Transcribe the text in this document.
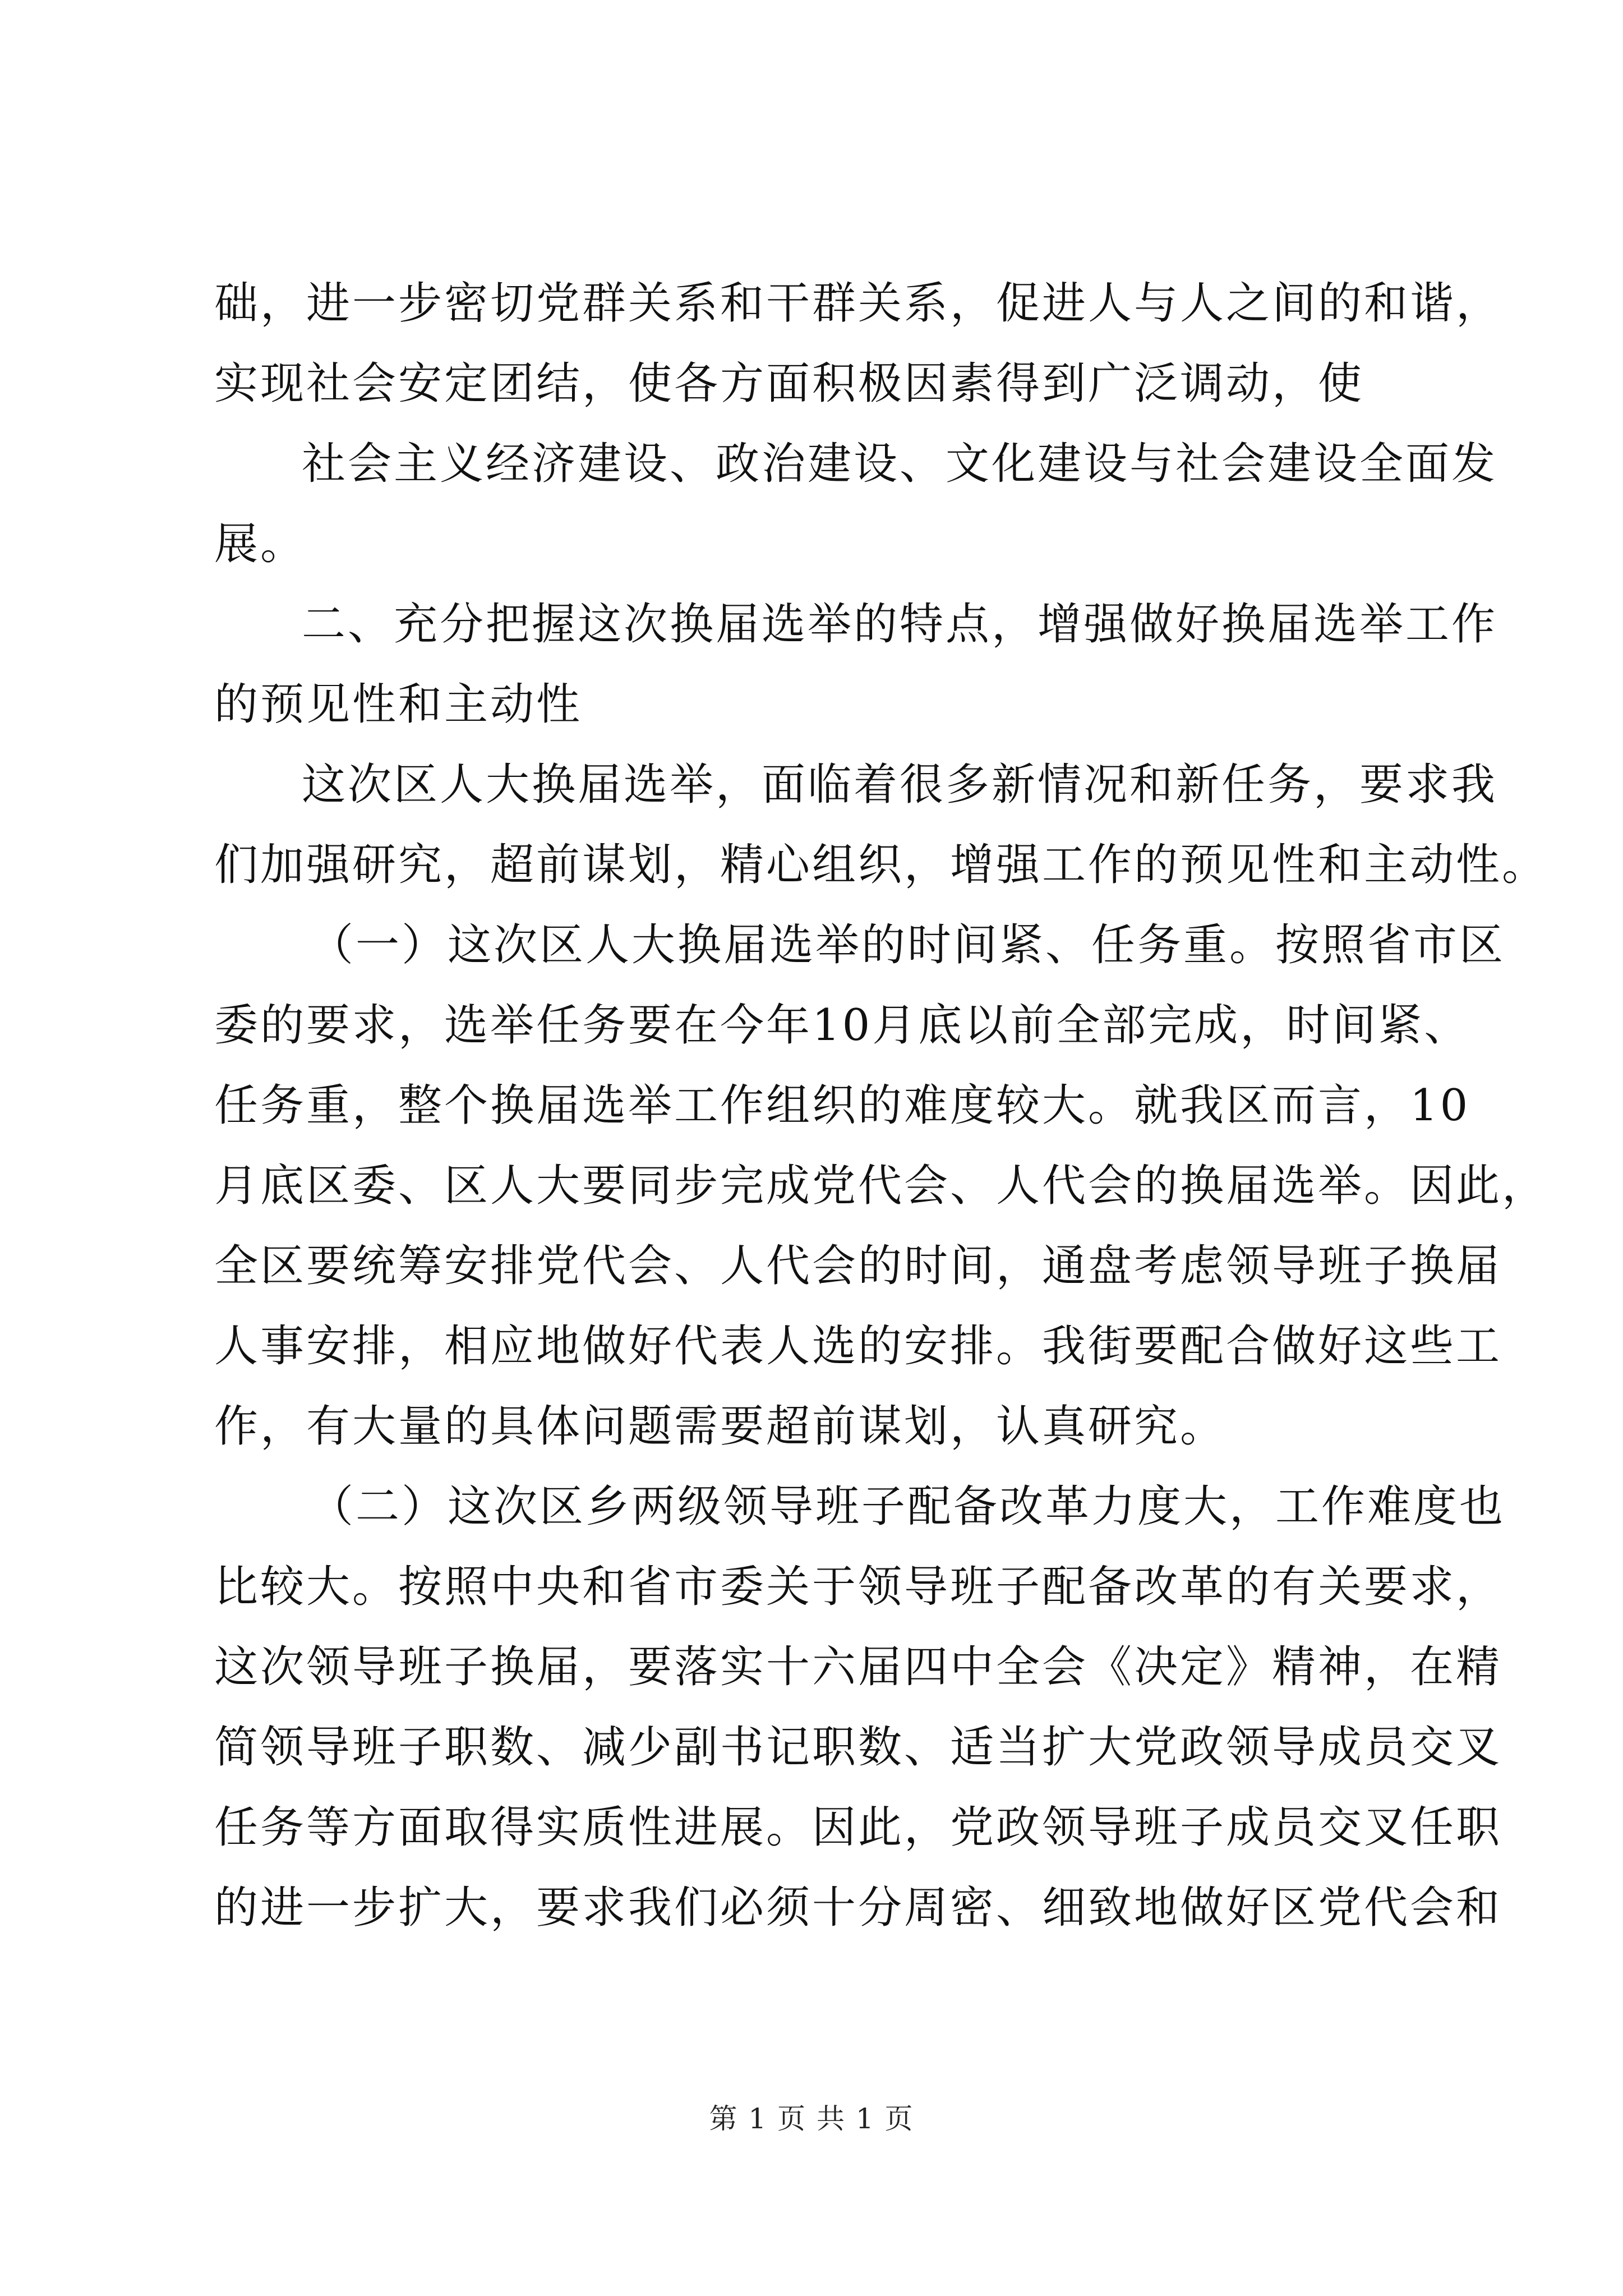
础，进一步密切党群关系和干群关系，促进人与人之间的和谐，
实现社会安定团结，使各方面积极因素得到广泛调动，使
社会主义经济建设、政治建设、文化建设与社会建设全面发
展。
二、充分把握这次换届选举的特点，增强做好换届选举工作
的预见性和主动性
这次区人大换届选举，面临着很多新情况和新任务，要求我
们加强研究，超前谋划，精心组织，增强工作的预见性和主动性。
（一）这次区人大换届选举的时间紧、任务重。按照省市区
委的要求，选举任务要在今年10月底以前全部完成，时间紧、
任务重，整个换届选举工作组织的难度较大。就我区而言，10
月底区委、区人大要同步完成党代会、人代会的换届选举。因此，
全区要统筹安排党代会、人代会的时间，通盘考虑领导班子换届
人事安排，相应地做好代表人选的安排。我街要配合做好这些工
作，有大量的具体问题需要超前谋划，认真研究。
（二）这次区乡两级领导班子配备改革力度大，工作难度也
比较大。按照中央和省市委关于领导班子配备改革的有关要求，
这次领导班子换届，要落实十六届四中全会《决定》精神，在精
简领导班子职数、减少副书记职数、适当扩大党政领导成员交叉
任务等方面取得实质性进展。因此，党政领导班子成员交叉任职
的进一步扩大，要求我们必须十分周密、细致地做好区党代会和
第 1 页 共 1 页
